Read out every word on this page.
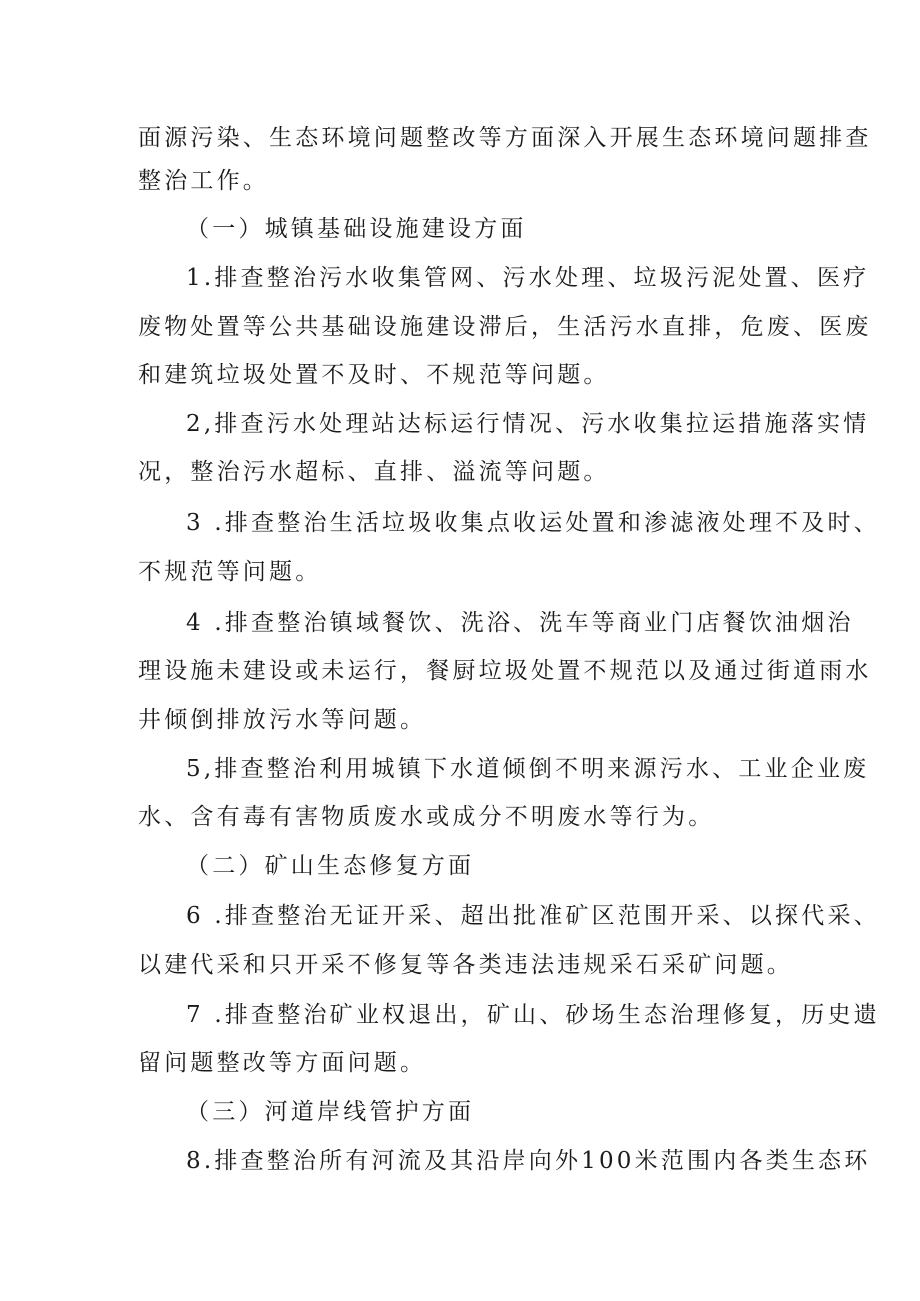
面源污染、生态环境问题整改等方面深入开展生态环境问题排查
整治工作。
（一）城镇基础设施建设方面
1.排查整治污水收集管网、污水处理、垃圾污泥处置、医疗
废物处置等公共基础设施建设滞后，生活污水直排，危废、医废
和建筑垃圾处置不及时、不规范等问题。
2,排查污水处理站达标运行情况、污水收集拉运措施落实情
况，整治污水超标、直排、溢流等问题。
3 .排查整治生活垃圾收集点收运处置和渗滤液处理不及时、
不规范等问题。
4 .排查整治镇域餐饮、洗浴、洗车等商业门店餐饮油烟治
理设施未建设或未运行，餐厨垃圾处置不规范以及通过街道雨水
井倾倒排放污水等问题。
5,排查整治利用城镇下水道倾倒不明来源污水、工业企业废
水、含有毒有害物质废水或成分不明废水等行为。
（二）矿山生态修复方面
6 .排查整治无证开采、超出批准矿区范围开采、以探代采、
以建代采和只开采不修复等各类违法违规采石采矿问题。
7 .排查整治矿业权退出，矿山、砂场生态治理修复，历史遗
留问题整改等方面问题。
（三）河道岸线管护方面
8.排查整治所有河流及其沿岸向外100米范围内各类生态环
